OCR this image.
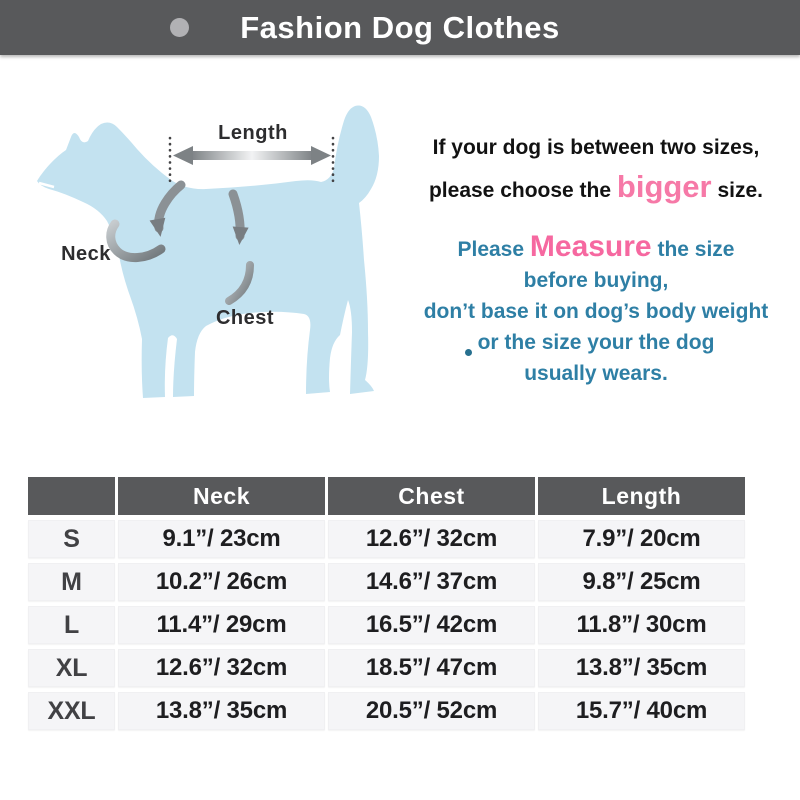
Fashion Dog Clothes
Length
Neck
Chest

If your dog is between two sizes,

please choose the bigger size.

Please Measure the size
before buying,
don’t base it on dog’s body weight
or the size your the dog
usually wears.
Neck	Chest	Length
S	9.1”/ 23cm	12.6”/ 32cm	7.9”/ 20cm
M	10.2”/ 26cm	14.6”/ 37cm	9.8”/ 25cm
L	11.4”/ 29cm	16.5”/ 42cm	11.8”/ 30cm
XL	12.6”/ 32cm	18.5”/ 47cm	13.8”/ 35cm
XXL	13.8”/ 35cm	20.5”/ 52cm	15.7”/ 40cm
